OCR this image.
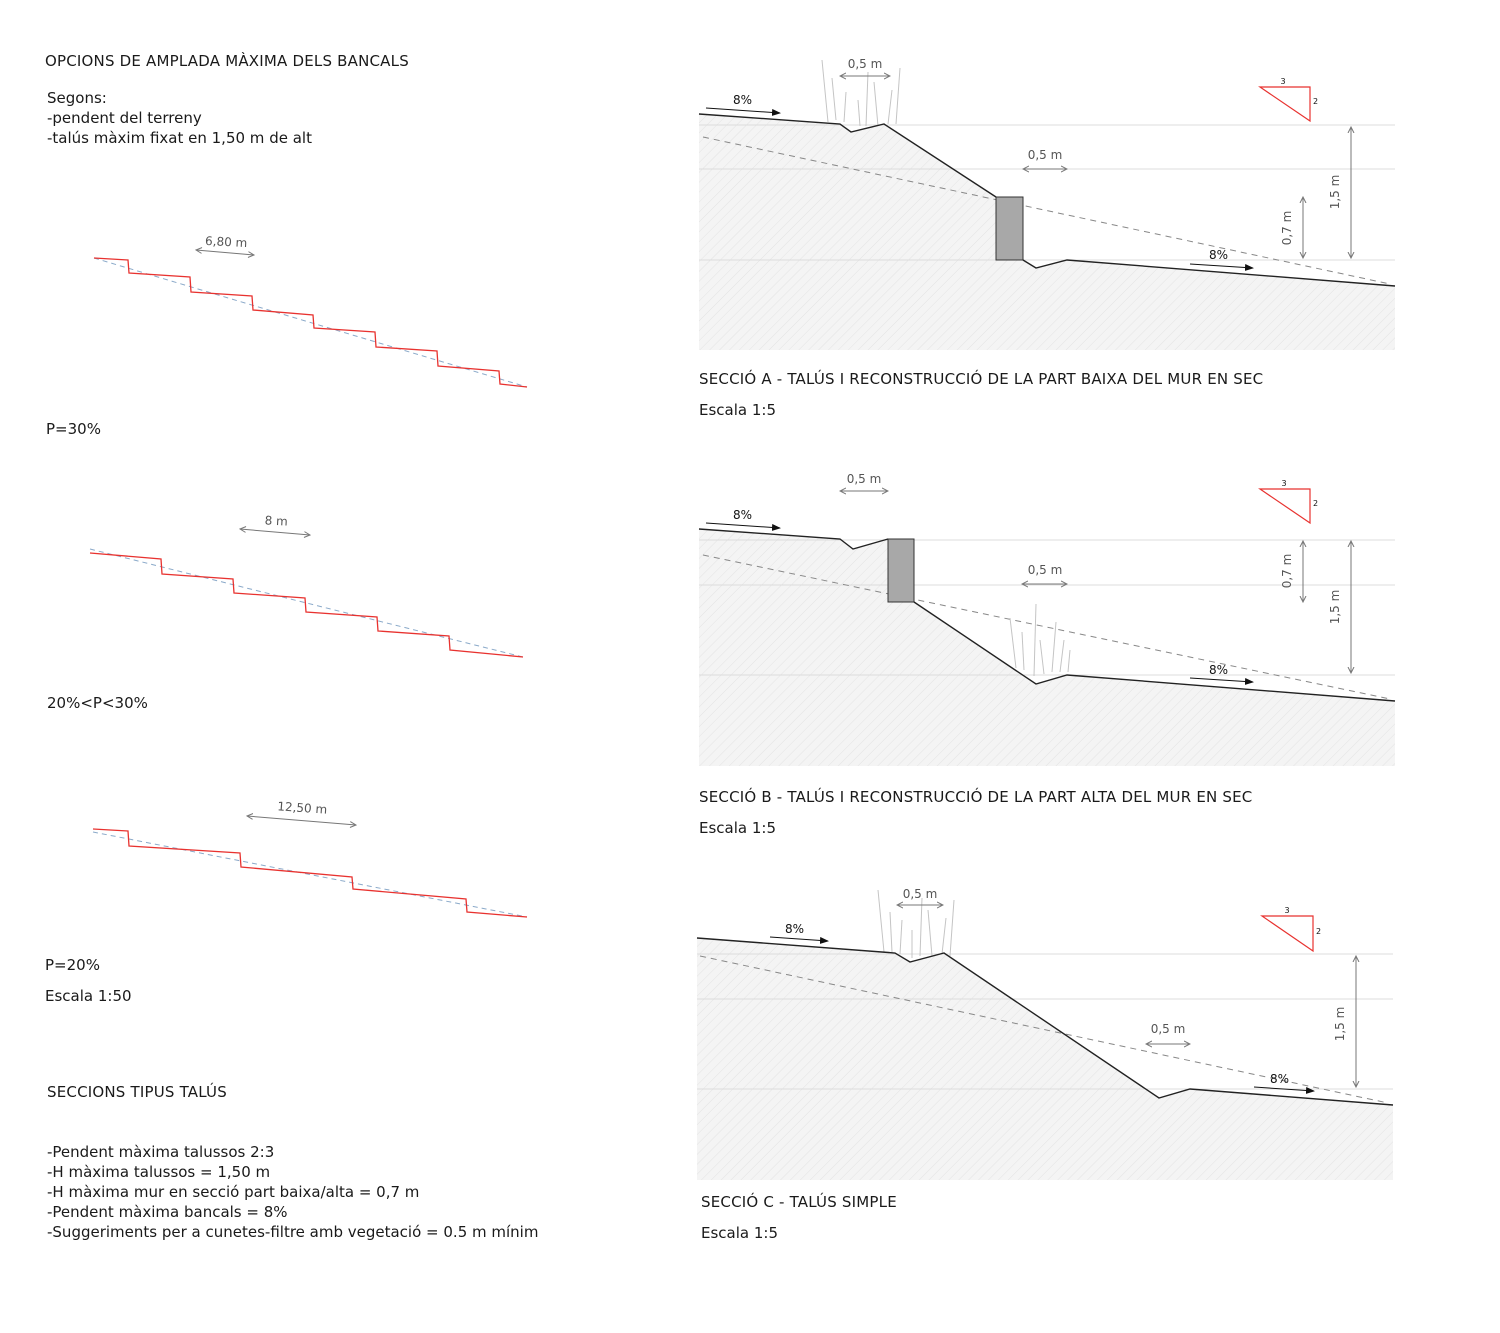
OPCIONS DE AMPLADA MÀXIMA DELS BANCALS

Segons:
-pendent del terreny
-talús màxim fixat en 1,50 m de alt

P=30%

20%<P<30%

P=20%

Escala 1:50

SECCIONS TIPUS TALÚS

-Pendent màxima talussos 2:3
-H màxima talussos = 1,50 m
-H màxima mur en secció part baixa/alta = 0,7 m
-Pendent màxima bancals = 8%
-Suggeriments per a cunetes-filtre amb vegetació = 0.5 m mínim

SECCIÓ A - TALÚS I RECONSTRUCCIÓ DE LA PART BAIXA DEL MUR EN SEC

Escala 1:5

SECCIÓ B - TALÚS I RECONSTRUCCIÓ DE LA PART ALTA DEL MUR EN SEC

Escala 1:5

SECCIÓ C - TALÚS SIMPLE

Escala 1:5

6,80 m
8 m
12,50 m
8%
8%
0,5 m
0,5 m
0,7 m
1,5 m
3
2
8%
8%
0,5 m
0,5 m	0,7 m
1,5 m
3
2
8%
8%
0,5 m
0,5 m	1,5 m
3
2
